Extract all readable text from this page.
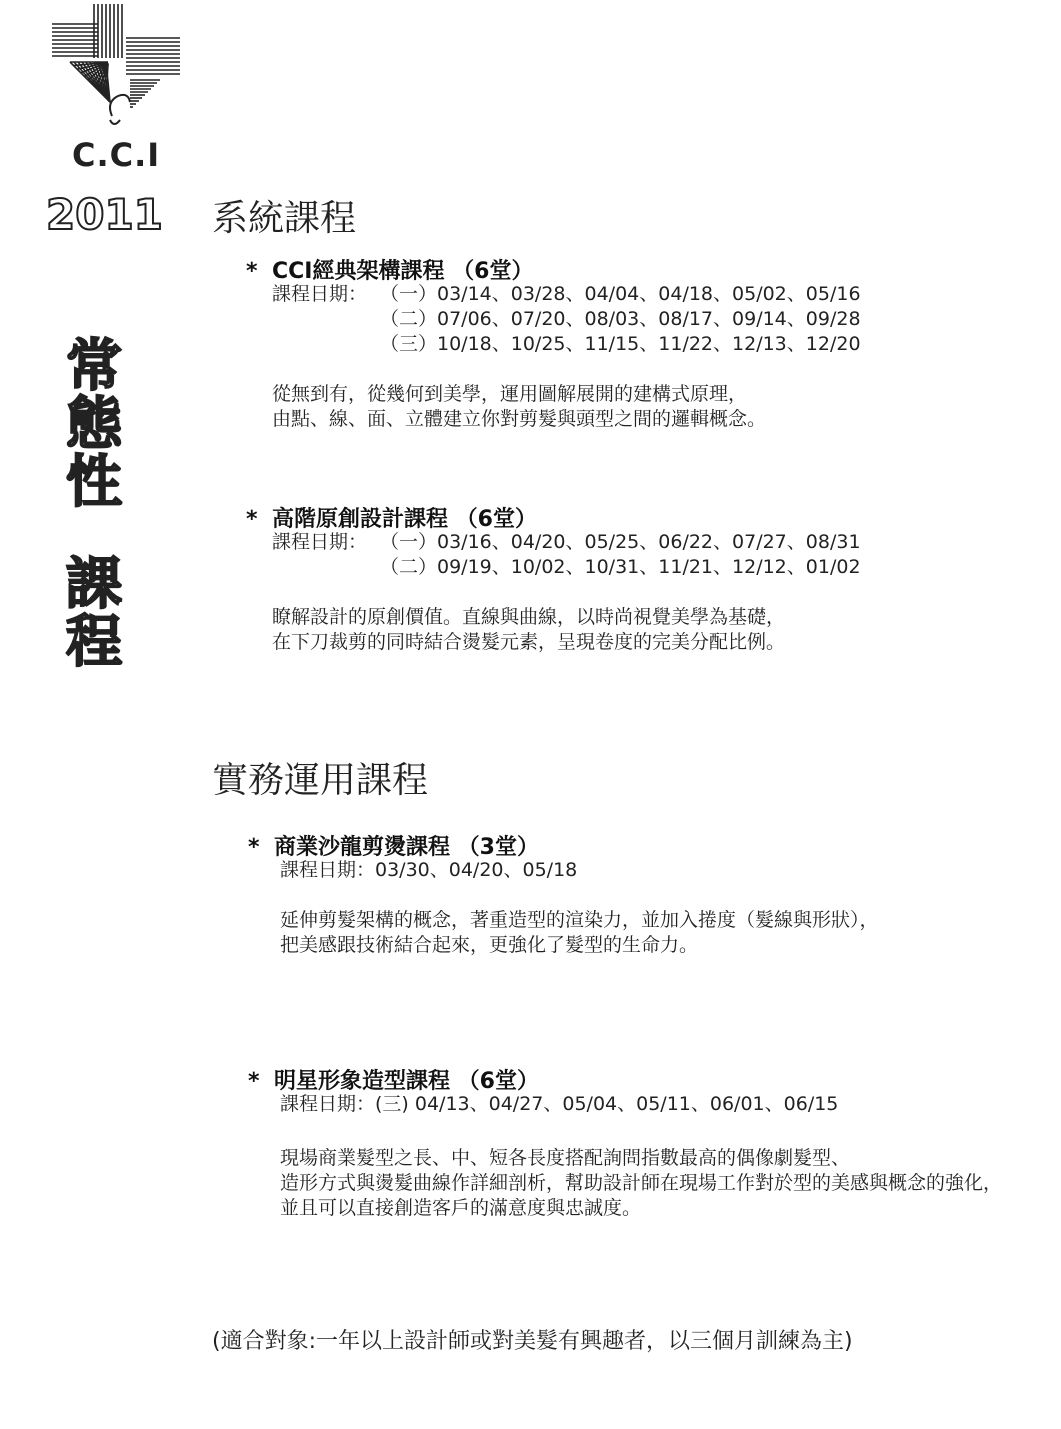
C.C.I
2011
常
態
性
課
程
系統課程
* CCI經典架構課程 （6堂）
課程日期： （一）03/14、03/28、04/04、04/18、05/02、05/16
（二）07/06、07/20、08/03、08/17、09/14、09/28
（三）10/18、10/25、11/15、11/22、12/13、12/20
從無到有，從幾何到美學，運用圖解展開的建構式原理，
由點、線、面、立體建立你對剪髮與頭型之間的邏輯概念。
* 高階原創設計課程 （6堂）
課程日期： （一）03/16、04/20、05/25、06/22、07/27、08/31
（二）09/19、10/02、10/31、11/21、12/12、01/02
瞭解設計的原創價值。直線與曲線，以時尚視覺美學為基礎，
在下刀裁剪的同時結合燙髮元素，呈現卷度的完美分配比例。
實務運用課程
* 商業沙龍剪燙課程 （3堂）
課程日期：03/30、04/20、05/18
延伸剪髮架構的概念，著重造型的渲染力，並加入捲度（髮線與形狀），
把美感跟技術結合起來，更強化了髮型的生命力。
* 明星形象造型課程 （6堂）
課程日期：(三) 04/13、04/27、05/04、05/11、06/01、06/15
現場商業髮型之長、中、短各長度搭配詢問指數最高的偶像劇髮型、
造形方式與燙髮曲線作詳細剖析，幫助設計師在現場工作對於型的美感與概念的強化，
並且可以直接創造客戶的滿意度與忠誠度。
(適合對象:一年以上設計師或對美髮有興趣者，以三個月訓練為主)
